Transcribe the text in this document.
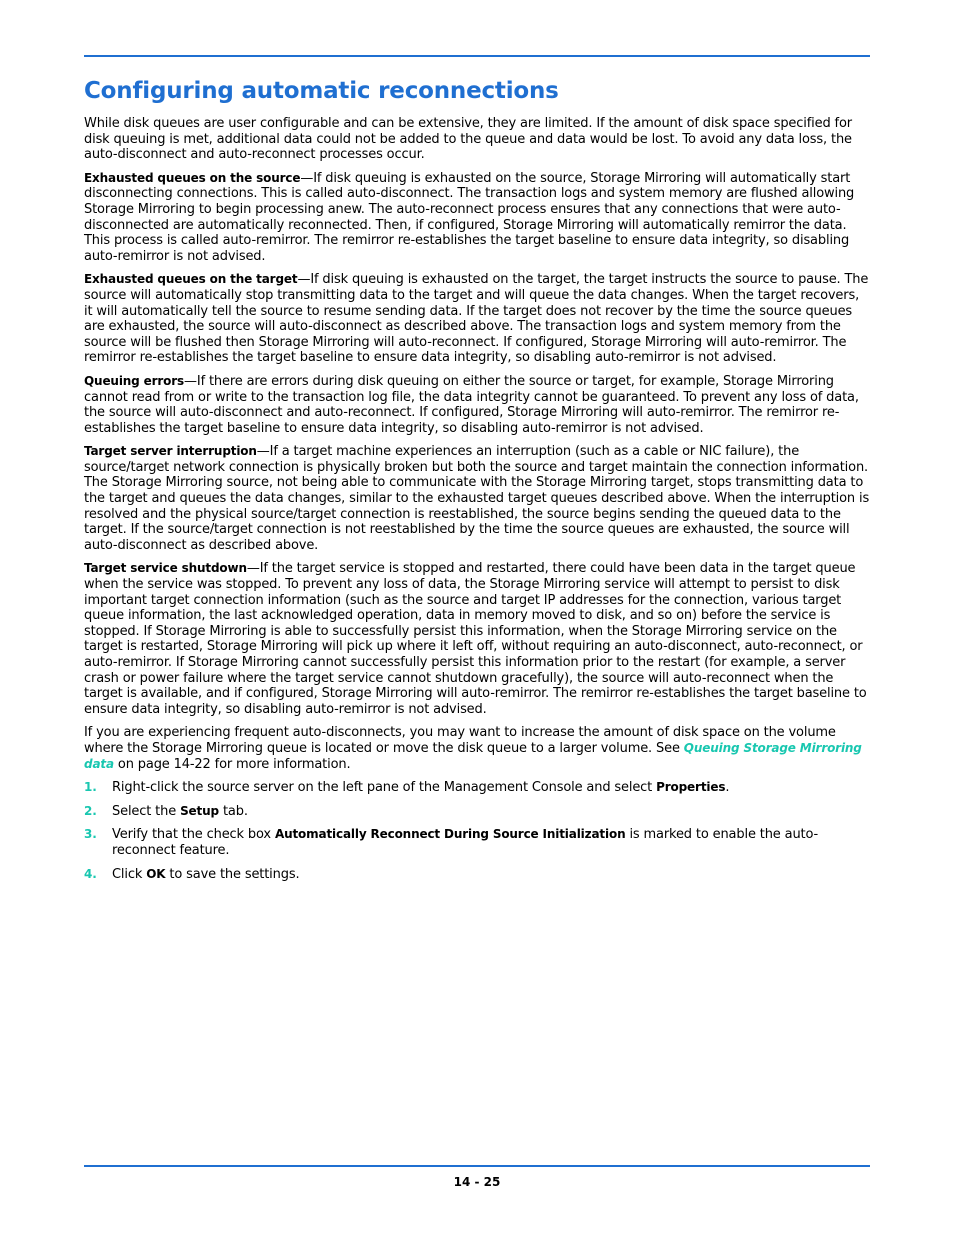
Configuring automatic reconnections

While disk queues are user configurable and can be extensive, they are limited. If the amount of disk space specified for disk queuing is met, additional data could not be added to the queue and data would be lost. To avoid any data loss, the auto-disconnect and auto-reconnect processes occur.

Exhausted queues on the source—If disk queuing is exhausted on the source, Storage Mirroring will automatically start disconnecting connections. This is called auto-disconnect. The transaction logs and system memory are flushed allowing Storage Mirroring to begin processing anew. The auto-reconnect process ensures that any connections that were auto-disconnected are automatically reconnected. Then, if configured, Storage Mirroring will automatically remirror the data. This process is called auto-remirror. The remirror re-establishes the target baseline to ensure data integrity, so disabling auto-remirror is not advised.

Exhausted queues on the target—If disk queuing is exhausted on the target, the target instructs the source to pause. The source will automatically stop transmitting data to the target and will queue the data changes. When the target recovers, it will automatically tell the source to resume sending data. If the target does not recover by the time the source queues are exhausted, the source will auto-disconnect as described above. The transaction logs and system memory from the source will be flushed then Storage Mirroring will auto-reconnect. If configured, Storage Mirroring will auto-remirror. The remirror re-establishes the target baseline to ensure data integrity, so disabling auto-remirror is not advised.

Queuing errors—If there are errors during disk queuing on either the source or target, for example, Storage Mirroring cannot read from or write to the transaction log file, the data integrity cannot be guaranteed. To prevent any loss of data, the source will auto-disconnect and auto-reconnect. If configured, Storage Mirroring will auto-remirror. The remirror re-establishes the target baseline to ensure data integrity, so disabling auto-remirror is not advised.

Target server interruption—If a target machine experiences an interruption (such as a cable or NIC failure), the source/target network connection is physically broken but both the source and target maintain the connection information. The Storage Mirroring source, not being able to communicate with the Storage Mirroring target, stops transmitting data to the target and queues the data changes, similar to the exhausted target queues described above. When the interruption is resolved and the physical source/target connection is reestablished, the source begins sending the queued data to the target. If the source/target connection is not reestablished by the time the source queues are exhausted, the source will auto-disconnect as described above.

Target service shutdown—If the target service is stopped and restarted, there could have been data in the target queue when the service was stopped. To prevent any loss of data, the Storage Mirroring service will attempt to persist to disk important target connection information (such as the source and target IP addresses for the connection, various target queue information, the last acknowledged operation, data in memory moved to disk, and so on) before the service is stopped. If Storage Mirroring is able to successfully persist this information, when the Storage Mirroring service on the target is restarted, Storage Mirroring will pick up where it left off, without requiring an auto-disconnect, auto-reconnect, or auto-remirror. If Storage Mirroring cannot successfully persist this information prior to the restart (for example, a server crash or power failure where the target service cannot shutdown gracefully), the source will auto-reconnect when the target is available, and if configured, Storage Mirroring will auto-remirror. The remirror re-establishes the target baseline to ensure data integrity, so disabling auto-remirror is not advised.

If you are experiencing frequent auto-disconnects, you may want to increase the amount of disk space on the volume where the Storage Mirroring queue is located or move the disk queue to a larger volume. See Queuing Storage Mirroring data on page 14-22 for more information.

1. Right-click the source server on the left pane of the Management Console and select Properties.
2. Select the Setup tab.
3. Verify that the check box Automatically Reconnect During Source Initialization is marked to enable the auto-reconnect feature.
4. Click OK to save the settings.
14 - 25
